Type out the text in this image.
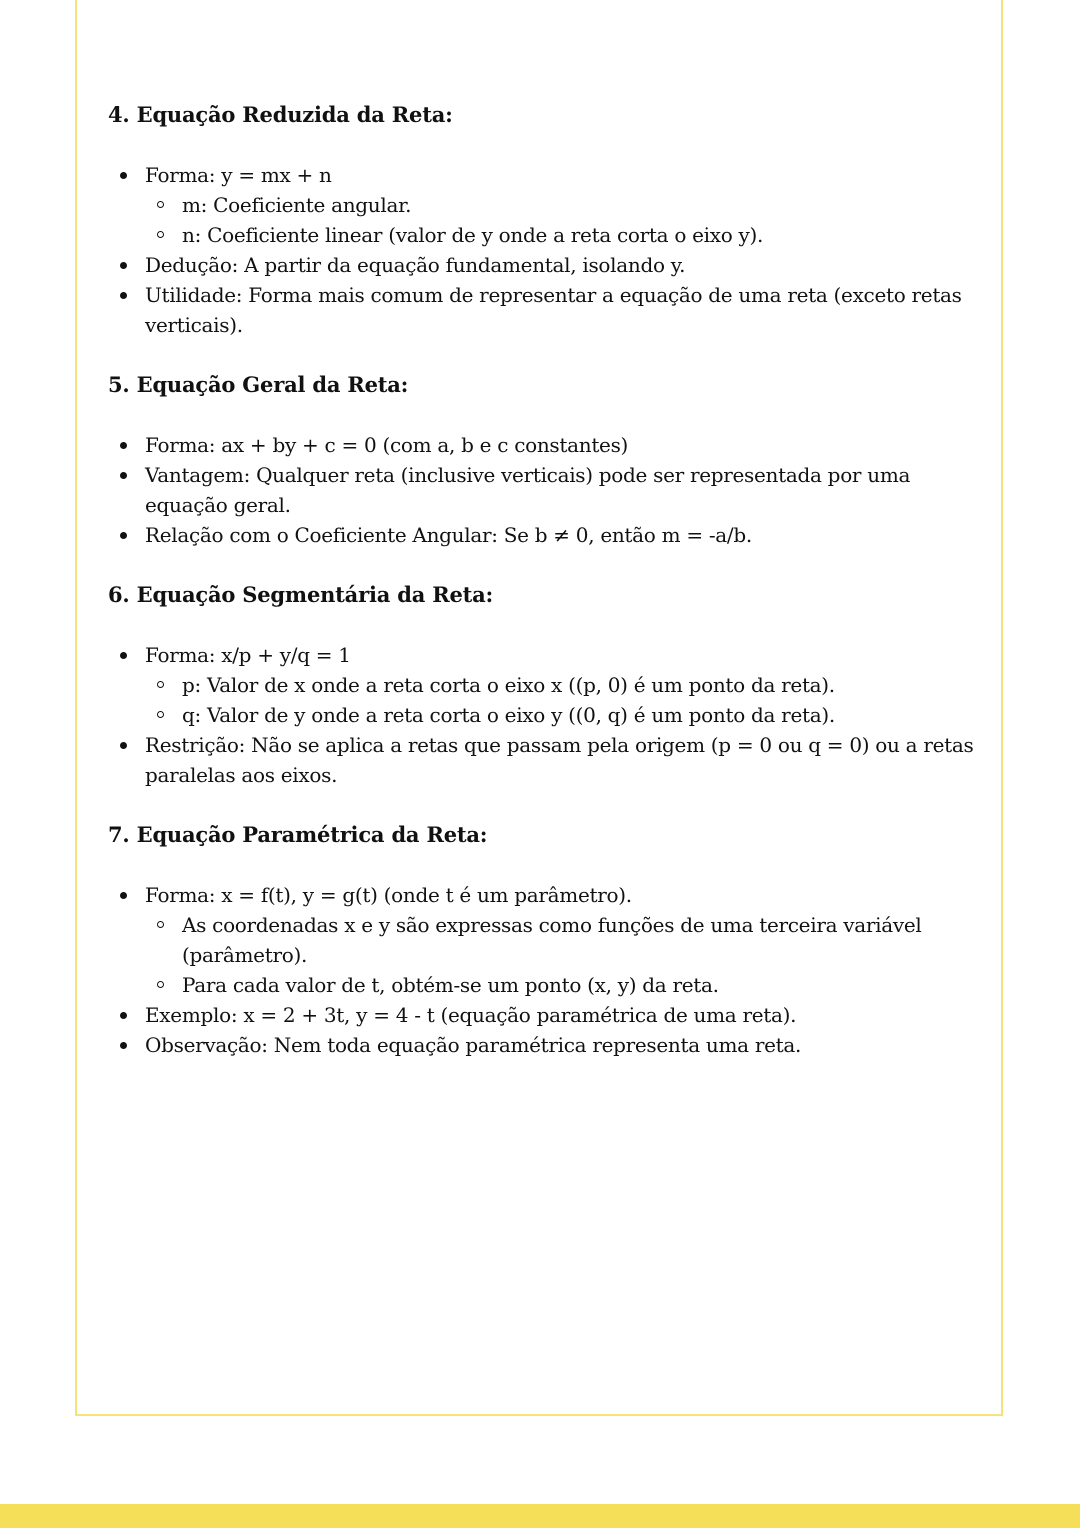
4. Equação Reduzida da Reta:
Forma: y = mx + n
m: Coeficiente angular.
n: Coeficiente linear (valor de y onde a reta corta o eixo y).
Dedução: A partir da equação fundamental, isolando y.
Utilidade: Forma mais comum de representar a equação de uma reta (exceto retas verticais).
5. Equação Geral da Reta:
Forma: ax + by + c = 0 (com a, b e c constantes)
Vantagem: Qualquer reta (inclusive verticais) pode ser representada por uma equação geral.
Relação com o Coeficiente Angular: Se b ≠ 0, então m = -a/b.
6. Equação Segmentária da Reta:
Forma: x/p + y/q = 1
p: Valor de x onde a reta corta o eixo x ((p, 0) é um ponto da reta).
q: Valor de y onde a reta corta o eixo y ((0, q) é um ponto da reta).
Restrição: Não se aplica a retas que passam pela origem (p = 0 ou q = 0) ou a retas paralelas aos eixos.
7. Equação Paramétrica da Reta:
Forma: x = f(t), y = g(t) (onde t é um parâmetro).
As coordenadas x e y são expressas como funções de uma terceira variável (parâmetro).
Para cada valor de t, obtém-se um ponto (x, y) da reta.
Exemplo: x = 2 + 3t, y = 4 - t (equação paramétrica de uma reta).
Observação: Nem toda equação paramétrica representa uma reta.
